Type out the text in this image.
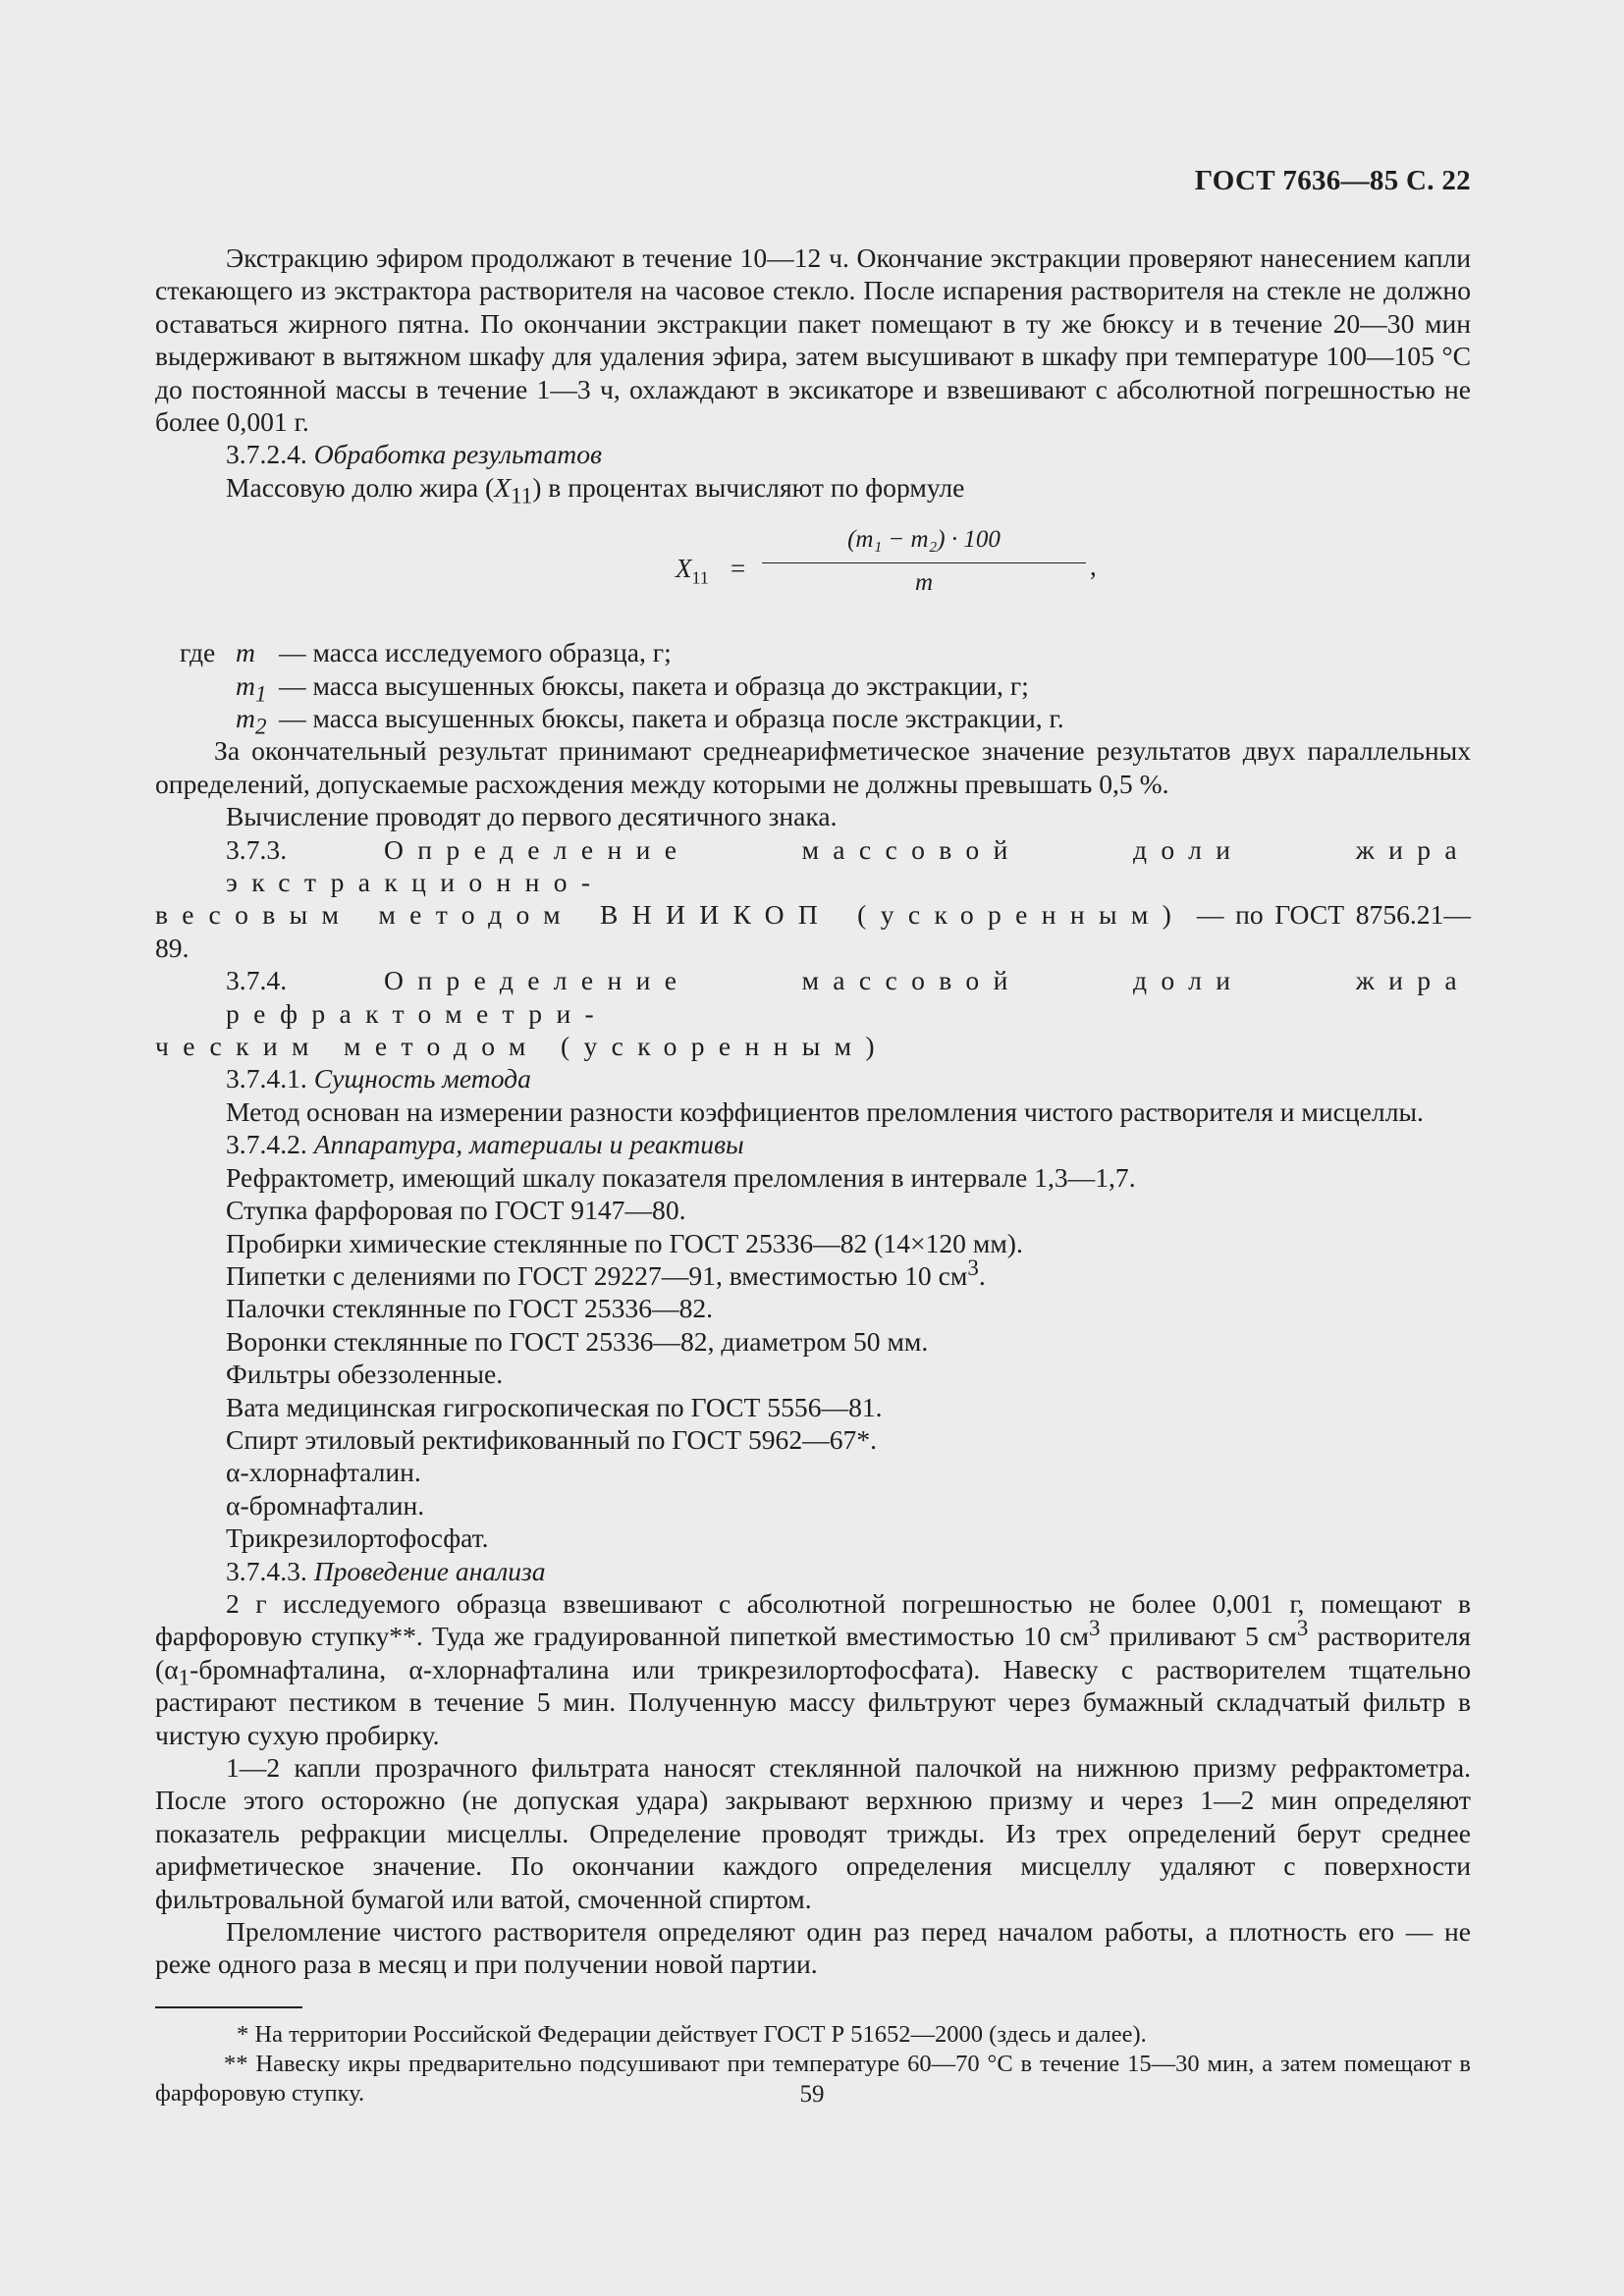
ГОСТ 7636—85 С. 22

Экстракцию эфиром продолжают в течение 10—12 ч. Окончание экстракции проверяют нанесением капли стекающего из экстрактора растворителя на часовое стекло. После испарения растворителя на стекле не должно оставаться жирного пятна. По окончании экстракции пакет помещают в ту же бюксу и в течение 20—30 мин выдерживают в вытяжном шкафу для удаления эфира, затем высушивают в шкафу при температуре 100—105 °С до постоянной массы в течение 1—3 ч, охлаждают в эксикаторе и взвешивают с абсолютной погрешностью не более 0,001 г.

3.7.2.4. Обработка результатов

Массовую долю жира $(X_{11})$ в процентах вычисляют по формуле

$X_{11}$ =
(m₁ − m₂) · 100
m
,
где m — масса исследуемого образца, г;
$m_1$ — масса высушенных бюксы, пакета и образца до экстракции, г;
$m_2$ — масса высушенных бюксы, пакета и образца после экстракции, г.

За окончательный результат принимают среднеарифметическое значение результатов двух параллельных определений, допускаемые расхождения между которыми не должны превышать 0,5 %.

Вычисление проводят до первого десятичного знака.

3.7.3. Определение массовой доли жира экстракционно-

весовым методом ВНИИКОП (ускоренным) — по ГОСТ 8756.21—89.

3.7.4. Определение массовой доли жира рефрактометри-

ческим методом (ускоренным)

3.7.4.1. Сущность метода

Метод основан на измерении разности коэффициентов преломления чистого растворителя и мисцеллы.

3.7.4.2. Аппаратура, материалы и реактивы

Рефрактометр, имеющий шкалу показателя преломления в интервале 1,3—1,7.

Ступка фарфоровая по ГОСТ 9147—80.

Пробирки химические стеклянные по ГОСТ 25336—82 (14×120 мм).

Пипетки с делениями по ГОСТ 29227—91, вместимостью 10 $см^3$.

Палочки стеклянные по ГОСТ 25336—82.

Воронки стеклянные по ГОСТ 25336—82, диаметром 50 мм.

Фильтры обеззоленные.

Вата медицинская гигроскопическая по ГОСТ 5556—81.

Спирт этиловый ректификованный по ГОСТ 5962—67*.

α-хлорнафталин.

α-бромнафталин.

Трикрезилортофосфат.

3.7.4.3. Проведение анализа

2 г исследуемого образца взвешивают с абсолютной погрешностью не более 0,001 г, помещают в фарфоровую ступку**. Туда же градуированной пипеткой вместимостью 10 $см^3$ приливают 5 $см^3$ растворителя ($\alpha_1$-бромнафталина, α-хлорнафталина или трикрезилортофосфата). Навеску с растворителем тщательно растирают пестиком в течение 5 мин. Полученную массу фильтруют через бумажный складчатый фильтр в чистую сухую пробирку.

1—2 капли прозрачного фильтрата наносят стеклянной палочкой на нижнюю призму рефрактометра. После этого осторожно (не допуская удара) закрывают верхнюю призму и через 1—2 мин определяют показатель рефракции мисцеллы. Определение проводят трижды. Из трех определений берут среднее арифметическое значение. По окончании каждого определения мисцеллу удаляют с поверхности фильтровальной бумагой или ватой, смоченной спиртом.

Преломление чистого растворителя определяют один раз перед началом работы, а плотность его — не реже одного раза в месяц и при получении новой партии.

* На территории Российской Федерации действует ГОСТ Р 51652—2000 (здесь и далее).

** Навеску икры предварительно подсушивают при температуре 60—70 °С в течение 15—30 мин, а затем помещают в фарфоровую ступку.	59
